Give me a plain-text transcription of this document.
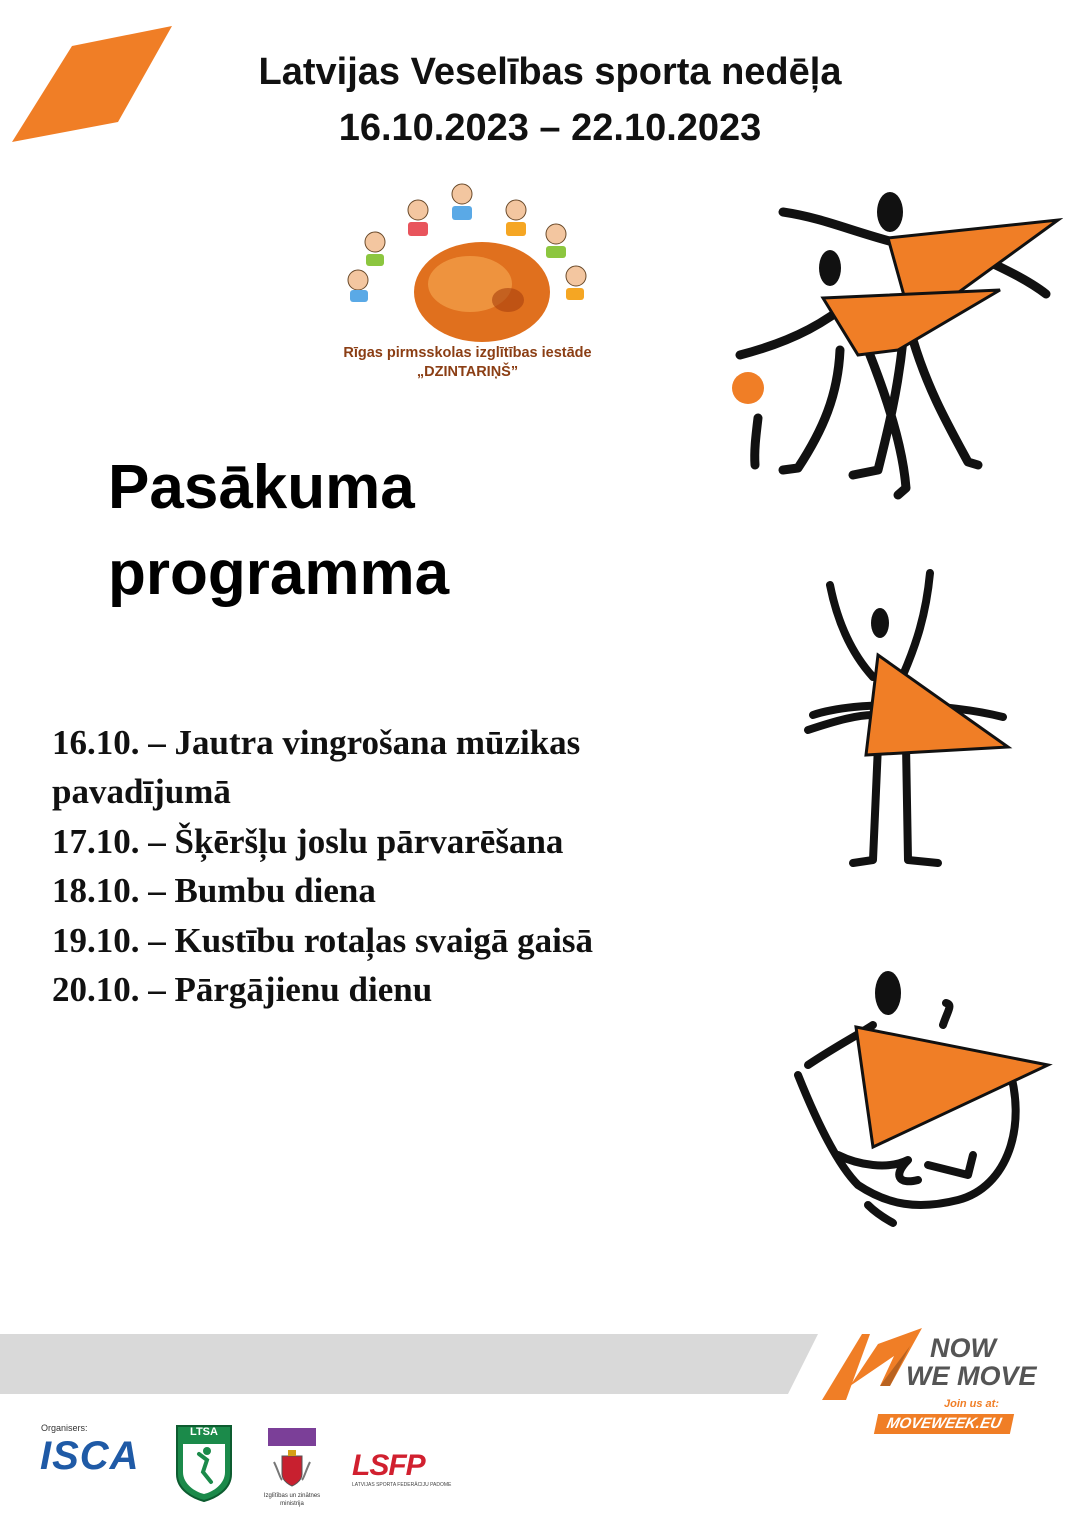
Latvijas Veselības sporta nedēļa
16.10.2023 – 22.10.2023
Rīgas pirmsskolas izglītības iestāde
„DZINTARIŅŠ”
Pasākuma
programma
16.10. – Jautra vingrošana mūzikas pavadījumā
17.10. – Šķēršļu joslu pārvarēšana
18.10. – Bumbu diena
19.10. – Kustību rotaļas svaigā gaisā
20.10. – Pārgājienu dienu
NOW
WE MOVE
Join us at:
MOVEWEEK.EU
Organisers:
ISCA
LTSA
Izglītības un zinātnes ministrija
LSFP
LATVIJAS SPORTA FEDERĀCIJU PADOME
